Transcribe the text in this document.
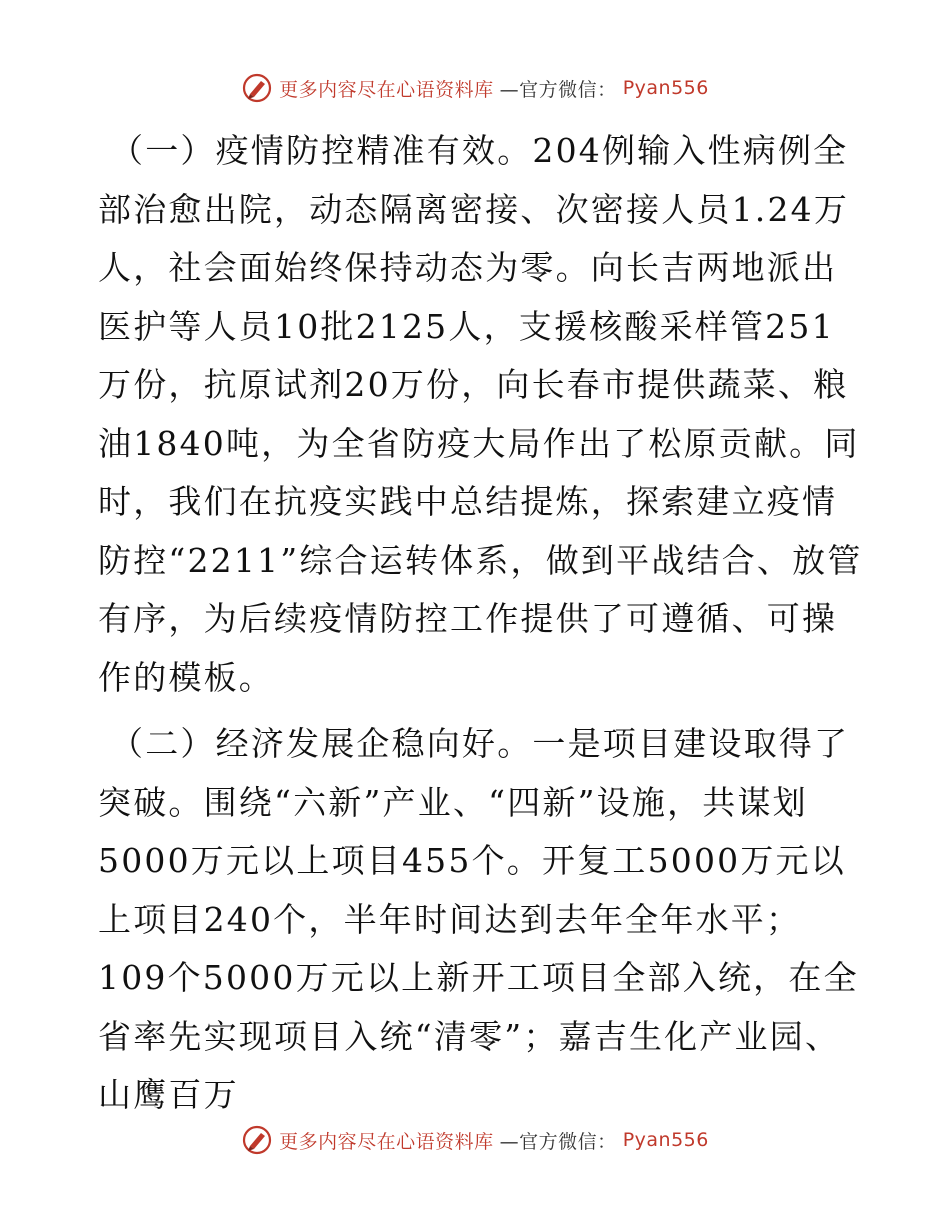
更多内容尽在心语资料库 —官方微信： Pyan556

（一）疫情防控精准有效。204例输入性病例全部治愈出院，动态隔离密接、次密接人员1.24万人，社会面始终保持动态为零。向长吉两地派出医护等人员10批2125人，支援核酸采样管251万份，抗原试剂20万份，向长春市提供蔬菜、粮油1840吨，为全省防疫大局作出了松原贡献。同时，我们在抗疫实践中总结提炼，探索建立疫情防控“2211”综合运转体系，做到平战结合、放管有序，为后续疫情防控工作提供了可遵循、可操作的模板。

（二）经济发展企稳向好。一是项目建设取得了突破。围绕“六新”产业、“四新”设施，共谋划5000万元以上项目455个。开复工5000万元以上项目240个，半年时间达到去年全年水平；109个5000万元以上新开工项目全部入统，在全省率先实现项目入统“清零”；嘉吉生化产业园、山鹰百万

更多内容尽在心语资料库 —官方微信： Pyan556
